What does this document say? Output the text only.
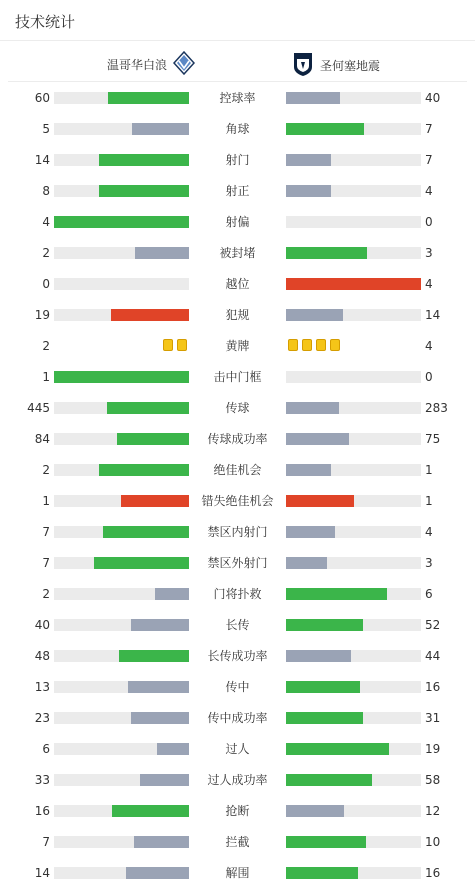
技术统计
温哥华白浪	圣何塞地震
60	控球率	40
5	角球	7
14	射门	7
8	射正	4
4	射偏	0
2	被封堵	3
0	越位	4
19	犯规	14
2	黄牌	4
1	击中门框	0
445	传球	283
84	传球成功率	75
2	绝佳机会	1
1	错失绝佳机会	1
7	禁区内射门	4
7	禁区外射门	3
2	门将扑救	6
40	长传	52
48	长传成功率	44
13	传中	16
23	传中成功率	31
6	过人	19
33	过人成功率	58
16	抢断	12
7	拦截	10
14	解围	16
